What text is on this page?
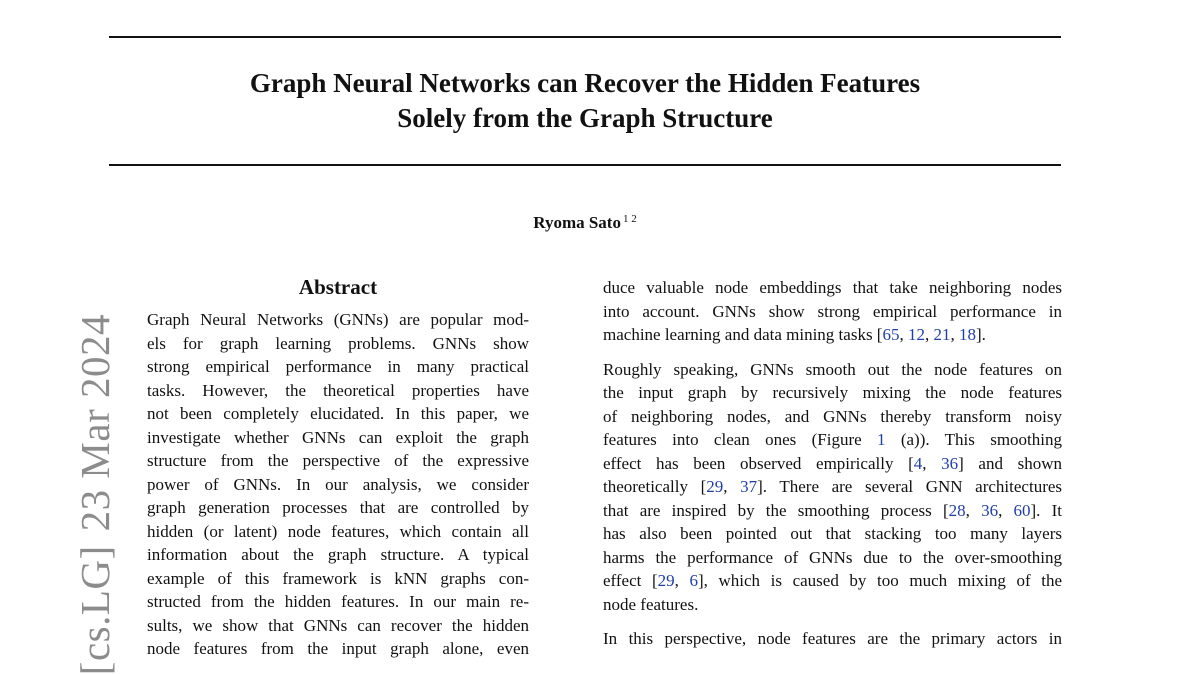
Graph Neural Networks can Recover the Hidden Features
Solely from the Graph Structure
Ryoma Sato $^{1 2}$
[cs.LG]23 Mar 2024
Abstract
Graph Neural Networks (GNNs) are popular mod-
els for graph learning problems. GNNs show
strong empirical performance in many practical
tasks. However, the theoretical properties have
not been completely elucidated. In this paper, we
investigate whether GNNs can exploit the graph
structure from the perspective of the expressive
power of GNNs. In our analysis, we consider
graph generation processes that are controlled by
hidden (or latent) node features, which contain all
information about the graph structure. A typical
example of this framework is kNN graphs con-
structed from the hidden features. In our main re-
sults, we show that GNNs can recover the hidden
node features from the input graph alone, even
duce valuable node embeddings that take neighboring nodes
into account. GNNs show strong empirical performance in
machine learning and data mining tasks [65, 12, 21, 18].
Roughly speaking, GNNs smooth out the node features on
the input graph by recursively mixing the node features
of neighboring nodes, and GNNs thereby transform noisy
features into clean ones (Figure 1 (a)). This smoothing
effect has been observed empirically [4, 36] and shown
theoretically [29, 37]. There are several GNN architectures
that are inspired by the smoothing process [28, 36, 60]. It
has also been pointed out that stacking too many layers
harms the performance of GNNs due to the over-smoothing
effect [29, 6], which is caused by too much mixing of the
node features.
In this perspective, node features are the primary actors in
